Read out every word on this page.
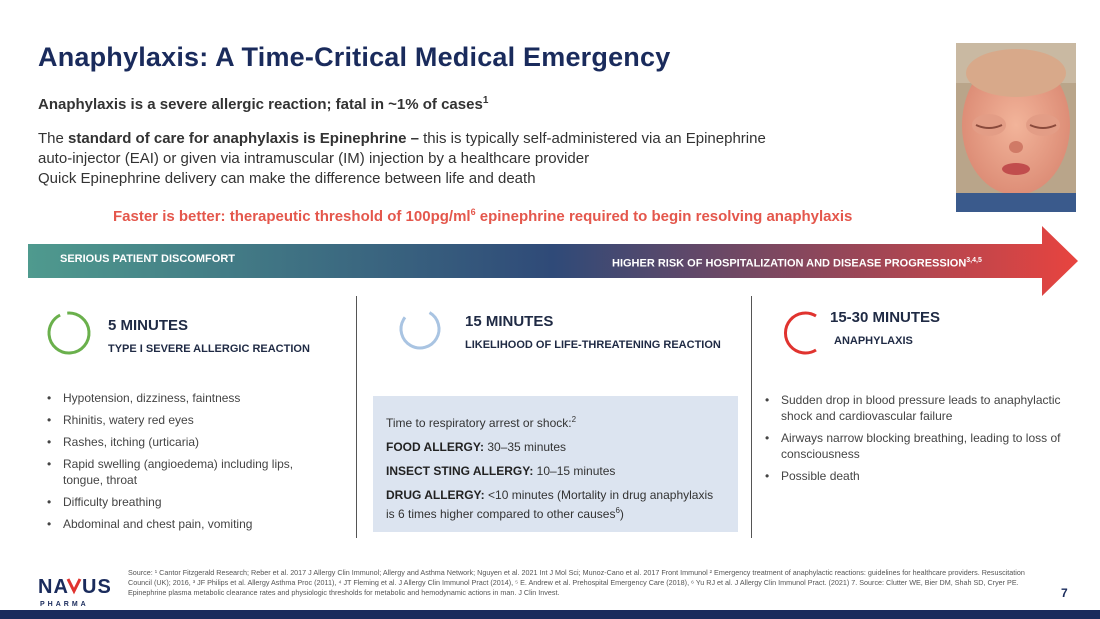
Anaphylaxis: A Time-Critical Medical Emergency
Anaphylaxis is a severe allergic reaction; fatal in ~1% of cases$^1$
The standard of care for anaphylaxis is Epinephrine – this is typically self-administered via an Epinephrine
auto-injector (EAI) or given via intramuscular (IM) injection by a healthcare provider
Quick Epinephrine delivery can make the difference between life and death
Faster is better: therapeutic threshold of $100pg/ml^6$ epinephrine required to begin resolving anaphylaxis
SERIOUS PATIENT DISCOMFORT	HIGHER RISK OF HOSPITALIZATION AND DISEASE PROGRESSION$^{3,4,5}$
5 MINUTES
TYPE I SEVERE ALLERGIC REACTION
• Hypotension, dizziness, faintness
• Rhinitis, watery red eyes
• Rashes, itching (urticaria)
• Rapid swelling (angioedema) including lips, tongue, throat
• Difficulty breathing
• Abdominal and chest pain, vomiting
15 MINUTES
LIKELIHOOD OF LIFE-THREATENING REACTION

Time to respiratory arrest or shock:$^2$

FOOD ALLERGY: 30–35 minutes

INSECT STING ALLERGY: 10–15 minutes

DRUG ALLERGY: <10 minutes (Mortality in drug anaphylaxis is 6 times higher compared to other causes$^6$)

15-30 MINUTES
ANAPHYLAXIS
• Sudden drop in blood pressure leads to anaphylactic shock and cardiovascular failure
• Airways narrow blocking breathing, leading to loss of consciousness
• Possible death
NA US
PHARMA
Source: ¹ Cantor Fitzgerald Research; Reber et al. 2017 J Allergy Clin Immunol; Allergy and Asthma Network; Nguyen et al. 2021 Int J Mol Sci; Munoz-Cano et al. 2017 Front Immunol ² Emergency treatment of anaphylactic reactions: guidelines for healthcare providers. Resuscitation Council (UK); 2016, ³ JF Philips et al. Allergy Asthma Proc (2011), ⁴ JT Fleming et al. J Allergy Clin Immunol Pract (2014), ⁵ E. Andrew et al. Prehospital Emergency Care (2018), ⁶ Yu RJ et al. J Allergy Clin Immunol Pract. (2021) 7. Source: Clutter WE, Bier DM, Shah SD, Cryer PE. Epinephrine plasma metabolic clearance rates and physiologic thresholds for metabolic and hemodynamic actions in man. J Clin Invest.	7
